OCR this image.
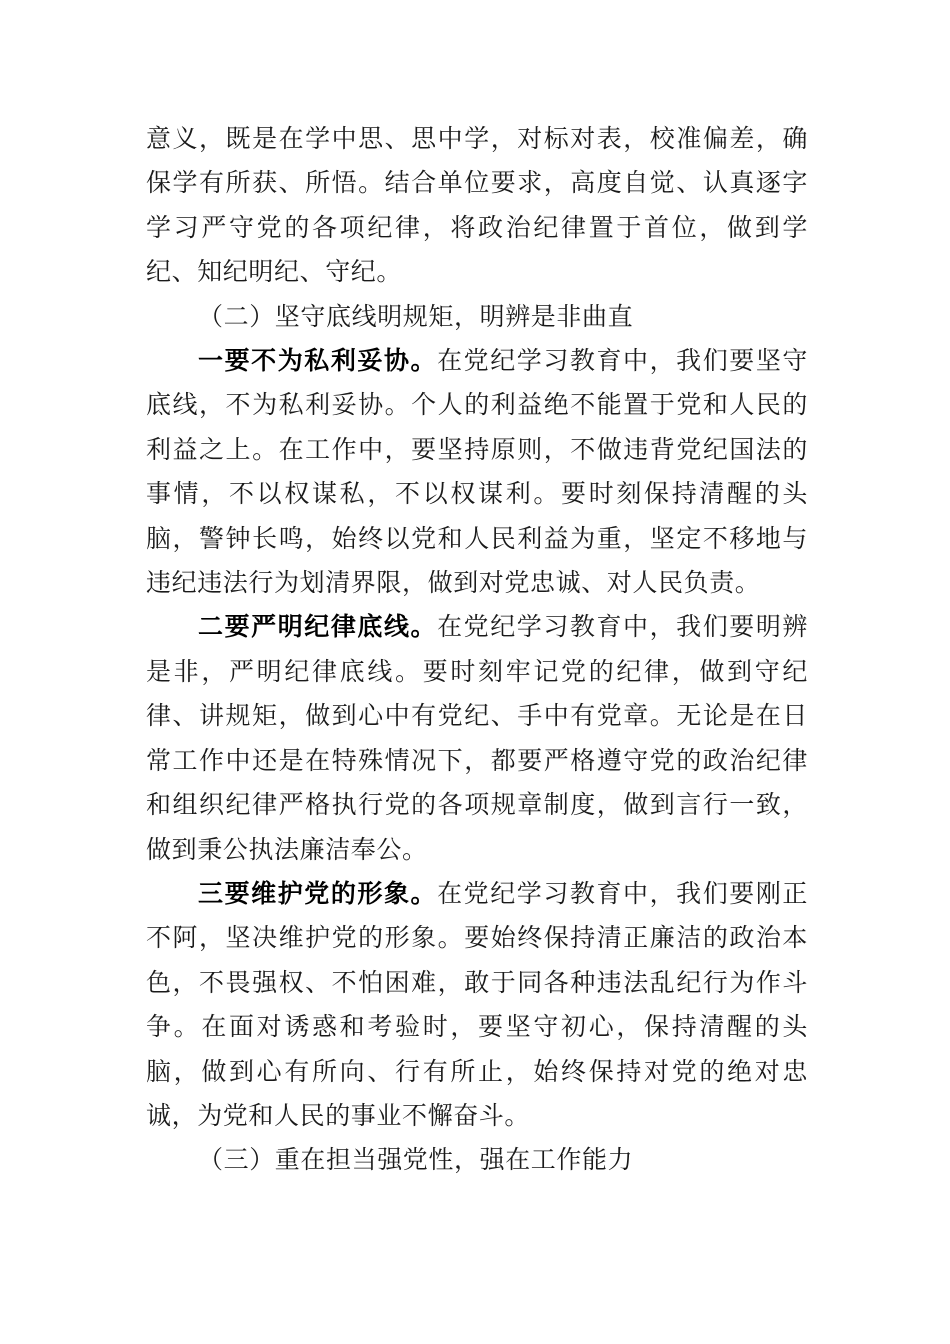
意义，既是在学中思、思中学，对标对表，校准偏差，确保学有所获、所悟。结合单位要求，高度自觉、认真逐字学习严守党的各项纪律，将政治纪律置于首位，做到学纪、知纪明纪、守纪。

（二）坚守底线明规矩，明辨是非曲直

一要不为私利妥协。在党纪学习教育中，我们要坚守底线，不为私利妥协。个人的利益绝不能置于党和人民的利益之上。在工作中，要坚持原则，不做违背党纪国法的事情，不以权谋私，不以权谋利。要时刻保持清醒的头脑，警钟长鸣，始终以党和人民利益为重，坚定不移地与违纪违法行为划清界限，做到对党忠诚、对人民负责。

二要严明纪律底线。在党纪学习教育中，我们要明辨是非，严明纪律底线。要时刻牢记党的纪律，做到守纪律、讲规矩，做到心中有党纪、手中有党章。无论是在日常工作中还是在特殊情况下，都要严格遵守党的政治纪律和组织纪律严格执行党的各项规章制度，做到言行一致，做到秉公执法廉洁奉公。

三要维护党的形象。在党纪学习教育中，我们要刚正不阿，坚决维护党的形象。要始终保持清正廉洁的政治本色，不畏强权、不怕困难，敢于同各种违法乱纪行为作斗争。在面对诱惑和考验时，要坚守初心，保持清醒的头脑，做到心有所向、行有所止，始终保持对党的绝对忠诚，为党和人民的事业不懈奋斗。

（三）重在担当强党性，强在工作能力
